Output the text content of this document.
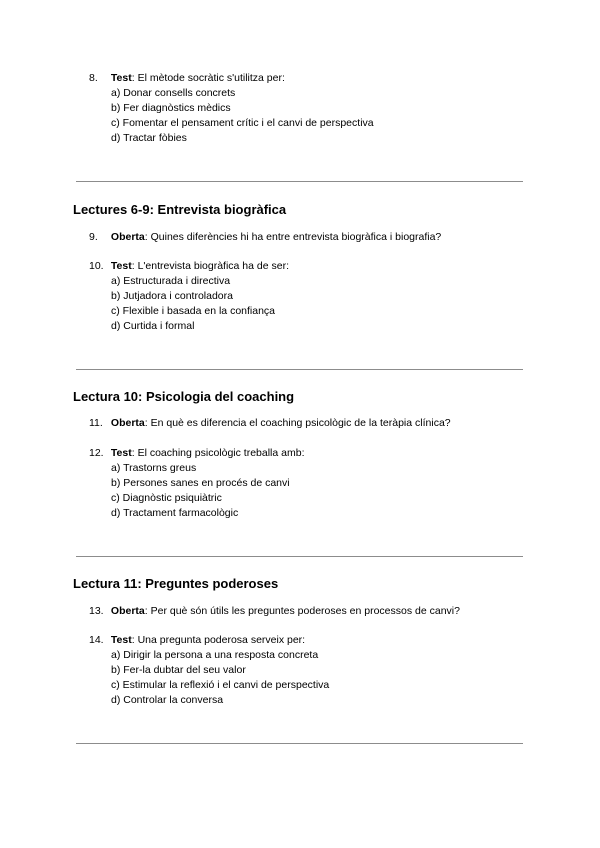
8. Test: El mètode socràtic s'utilitza per:
a) Donar consells concrets
b) Fer diagnòstics mèdics
c) Fomentar el pensament crític i el canvi de perspectiva
d) Tractar fòbies
Lectures 6-9: Entrevista biogràfica
9. Oberta: Quines diferències hi ha entre entrevista biogràfica i biografia?
10. Test: L'entrevista biogràfica ha de ser:
a) Estructurada i directiva
b) Jutjadora i controladora
c) Flexible i basada en la confiança
d) Curtida i formal
Lectura 10: Psicologia del coaching
11. Oberta: En què es diferencia el coaching psicològic de la teràpia clínica?
12. Test: El coaching psicològic treballa amb:
a) Trastorns greus
b) Persones sanes en procés de canvi
c) Diagnòstic psiquiàtric
d) Tractament farmacològic
Lectura 11: Preguntes poderoses
13. Oberta: Per què són útils les preguntes poderoses en processos de canvi?
14. Test: Una pregunta poderosa serveix per:
a) Dirigir la persona a una resposta concreta
b) Fer-la dubtar del seu valor
c) Estimular la reflexió i el canvi de perspectiva
d) Controlar la conversa
